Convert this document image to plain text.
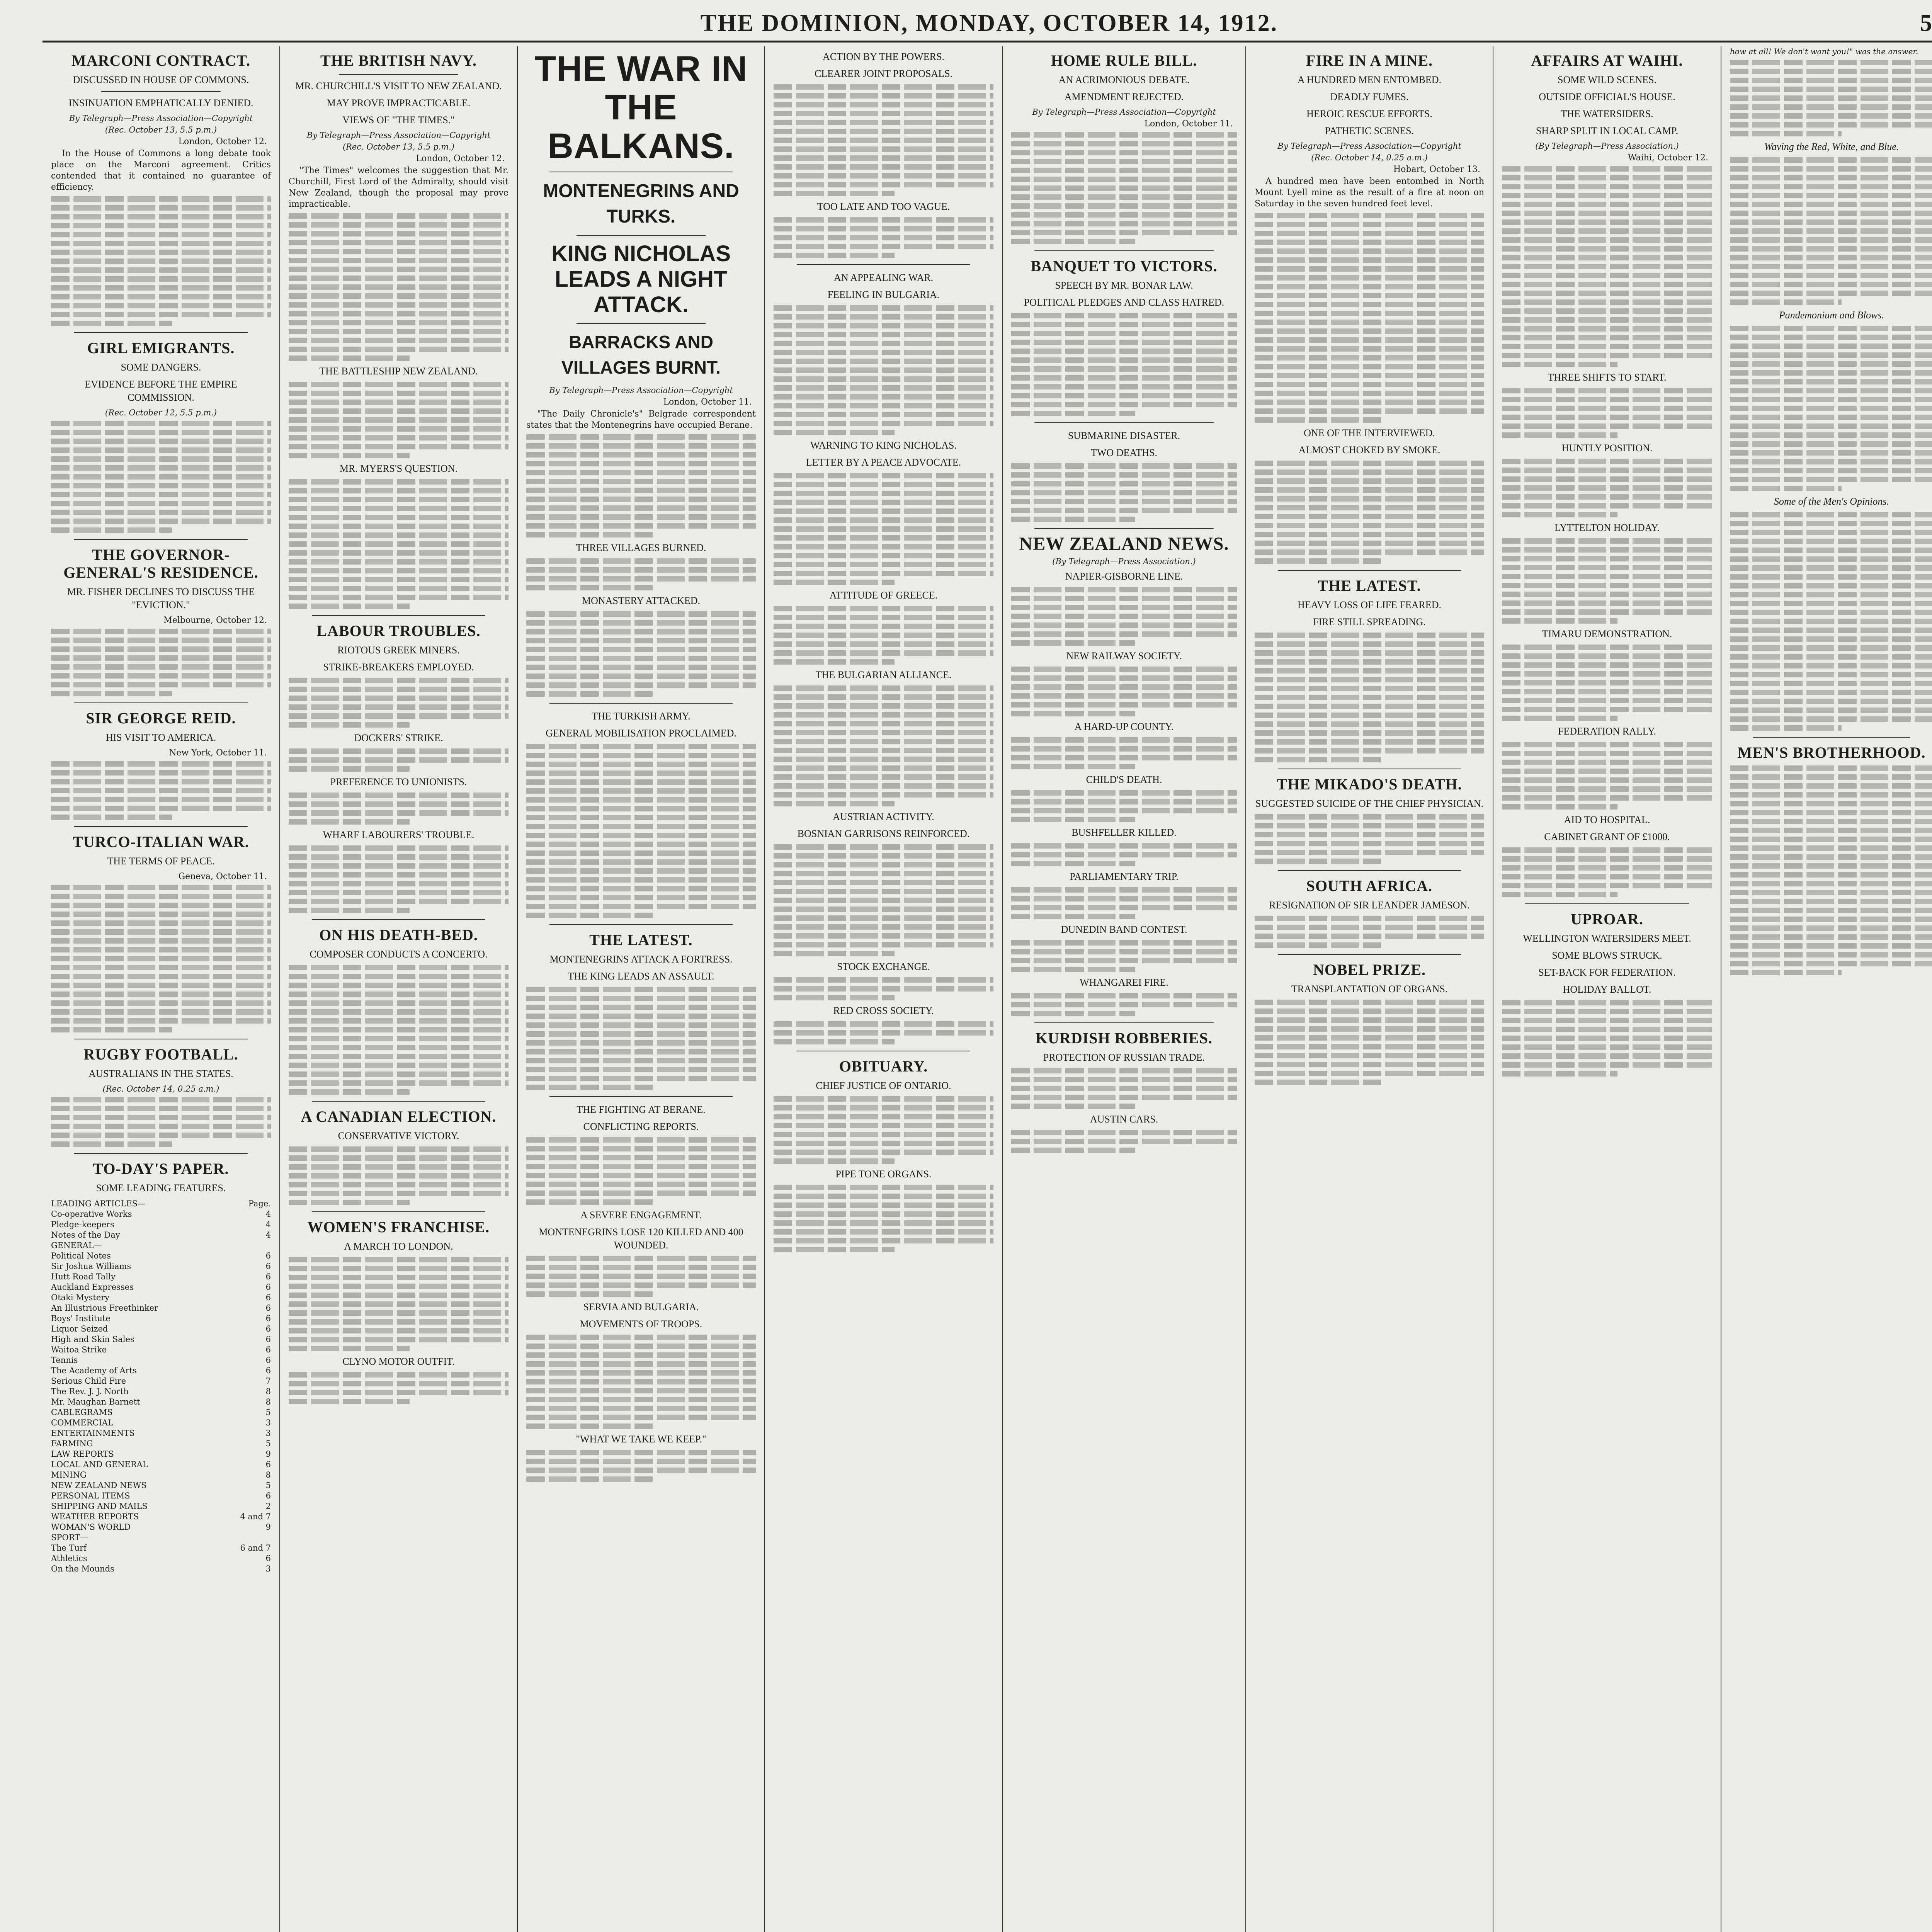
THE DOMINION, MONDAY, OCTOBER 14, 1912.	5
MARCONI CONTRACT.
DISCUSSED IN HOUSE OF COMMONS.
INSINUATION EMPHATICALLY DENIED.
By Telegraph—Press Association—Copyright
(Rec. October 13, 5.5 p.m.)
London, October 12.

In the House of Commons a long debate took place on the Marconi agreement. Critics contended that it contained no guarantee of efficiency.

GIRL EMIGRANTS.
SOME DANGERS.
EVIDENCE BEFORE THE EMPIRE COMMISSION.
(Rec. October 12, 5.5 p.m.)
THE GOVERNOR-GENERAL'S RESIDENCE.
MR. FISHER DECLINES TO DISCUSS THE "EVICTION."
Melbourne, October 12.
SIR GEORGE REID.
HIS VISIT TO AMERICA.
New York, October 11.
TURCO-ITALIAN WAR.
THE TERMS OF PEACE.
Geneva, October 11.
RUGBY FOOTBALL.
AUSTRALIANS IN THE STATES.
(Rec. October 14, 0.25 a.m.)
TO-DAY'S PAPER.
SOME LEADING FEATURES.
LEADING ARTICLES—	Page.
Co-operative Works	4
Pledge-keepers	4
Notes of the Day	4
GENERAL—
Political Notes	6
Sir Joshua Williams	6
Hutt Road Tally	6
Auckland Expresses	6
Otaki Mystery	6
An Illustrious Freethinker	6
Boys' Institute	6
Liquor Seized	6
High and Skin Sales	6
Waitoa Strike	6
Tennis	6
The Academy of Arts	6
Serious Child Fire	7
The Rev. J. J. North	8
Mr. Maughan Barnett	8
CABLEGRAMS	5
COMMERCIAL	3
ENTERTAINMENTS	3
FARMING	5
LAW REPORTS	9
LOCAL AND GENERAL	6
MINING	8
NEW ZEALAND NEWS	5
PERSONAL ITEMS	6
SHIPPING AND MAILS	2
WEATHER REPORTS	4 and 7
WOMAN'S WORLD	9
SPORT—
The Turf	6 and 7
Athletics	6
On the Mounds	3
THE BRITISH NAVY.
MR. CHURCHILL'S VISIT TO NEW ZEALAND.
MAY PROVE IMPRACTICABLE.
VIEWS OF "THE TIMES."
By Telegraph—Press Association—Copyright
(Rec. October 13, 5.5 p.m.)
London, October 12.

"The Times" welcomes the suggestion that Mr. Churchill, First Lord of the Admiralty, should visit New Zealand, though the proposal may prove impracticable.

THE BATTLESHIP NEW ZEALAND.
MR. MYERS'S QUESTION.
LABOUR TROUBLES.
RIOTOUS GREEK MINERS.
STRIKE-BREAKERS EMPLOYED.
DOCKERS' STRIKE.
PREFERENCE TO UNIONISTS.
WHARF LABOURERS' TROUBLE.
ON HIS DEATH-BED.
COMPOSER CONDUCTS A CONCERTO.
A CANADIAN ELECTION.
CONSERVATIVE VICTORY.
WOMEN'S FRANCHISE.
A MARCH TO LONDON.
CLYNO MOTOR OUTFIT.
THE WAR IN THE BALKANS.
MONTENEGRINS AND TURKS.
KING NICHOLAS LEADS A NIGHT ATTACK.
BARRACKS AND VILLAGES BURNT.
By Telegraph—Press Association—Copyright
London, October 11.

"The Daily Chronicle's" Belgrade correspondent states that the Montenegrins have occupied Berane.

THREE VILLAGES BURNED.
MONASTERY ATTACKED.
THE TURKISH ARMY.
GENERAL MOBILISATION PROCLAIMED.
THE LATEST.
MONTENEGRINS ATTACK A FORTRESS.
THE KING LEADS AN ASSAULT.
THE FIGHTING AT BERANE.
CONFLICTING REPORTS.
A SEVERE ENGAGEMENT.
MONTENEGRINS LOSE 120 KILLED AND 400 WOUNDED.
SERVIA AND BULGARIA.
MOVEMENTS OF TROOPS.
"WHAT WE TAKE WE KEEP."
ACTION BY THE POWERS.
CLEARER JOINT PROPOSALS.
TOO LATE AND TOO VAGUE.
AN APPEALING WAR.
FEELING IN BULGARIA.
WARNING TO KING NICHOLAS.
LETTER BY A PEACE ADVOCATE.
ATTITUDE OF GREECE.
THE BULGARIAN ALLIANCE.
AUSTRIAN ACTIVITY.
BOSNIAN GARRISONS REINFORCED.
STOCK EXCHANGE.
RED CROSS SOCIETY.
OBITUARY.
CHIEF JUSTICE OF ONTARIO.
PIPE TONE ORGANS.
HOME RULE BILL.
AN ACRIMONIOUS DEBATE.
AMENDMENT REJECTED.
By Telegraph—Press Association—Copyright
London, October 11.
BANQUET TO VICTORS.
SPEECH BY MR. BONAR LAW.
POLITICAL PLEDGES AND CLASS HATRED.
SUBMARINE DISASTER.
TWO DEATHS.
NEW ZEALAND NEWS.
(By Telegraph—Press Association.)
NAPIER-GISBORNE LINE.
NEW RAILWAY SOCIETY.
A HARD-UP COUNTY.
CHILD'S DEATH.
BUSHFELLER KILLED.
PARLIAMENTARY TRIP.
DUNEDIN BAND CONTEST.
WHANGAREI FIRE.
KURDISH ROBBERIES.
PROTECTION OF RUSSIAN TRADE.
AUSTIN CARS.
FIRE IN A MINE.
A HUNDRED MEN ENTOMBED.
DEADLY FUMES.
HEROIC RESCUE EFFORTS.
PATHETIC SCENES.
By Telegraph—Press Association—Copyright
(Rec. October 14, 0.25 a.m.)
Hobart, October 13.

A hundred men have been entombed in North Mount Lyell mine as the result of a fire at noon on Saturday in the seven hundred feet level.

ONE OF THE INTERVIEWED.
ALMOST CHOKED BY SMOKE.
THE LATEST.
HEAVY LOSS OF LIFE FEARED.
FIRE STILL SPREADING.
THE MIKADO'S DEATH.
SUGGESTED SUICIDE OF THE CHIEF PHYSICIAN.
SOUTH AFRICA.
RESIGNATION OF SIR LEANDER JAMESON.
NOBEL PRIZE.
TRANSPLANTATION OF ORGANS.
AFFAIRS AT WAIHI.
SOME WILD SCENES.
OUTSIDE OFFICIAL'S HOUSE.
THE WATERSIDERS.
SHARP SPLIT IN LOCAL CAMP.
(By Telegraph—Press Association.)
Waihi, October 12.
THREE SHIFTS TO START.
HUNTLY POSITION.
LYTTELTON HOLIDAY.
TIMARU DEMONSTRATION.
FEDERATION RALLY.
AID TO HOSPITAL.
CABINET GRANT OF £1000.
UPROAR.
WELLINGTON WATERSIDERS MEET.
SOME BLOWS STRUCK.
SET-BACK FOR FEDERATION.
HOLIDAY BALLOT.
how at all! We don't want you!" was the answer.
Waving the Red, White, and Blue.
Pandemonium and Blows.
Some of the Men's Opinions.
MEN'S BROTHERHOOD.
